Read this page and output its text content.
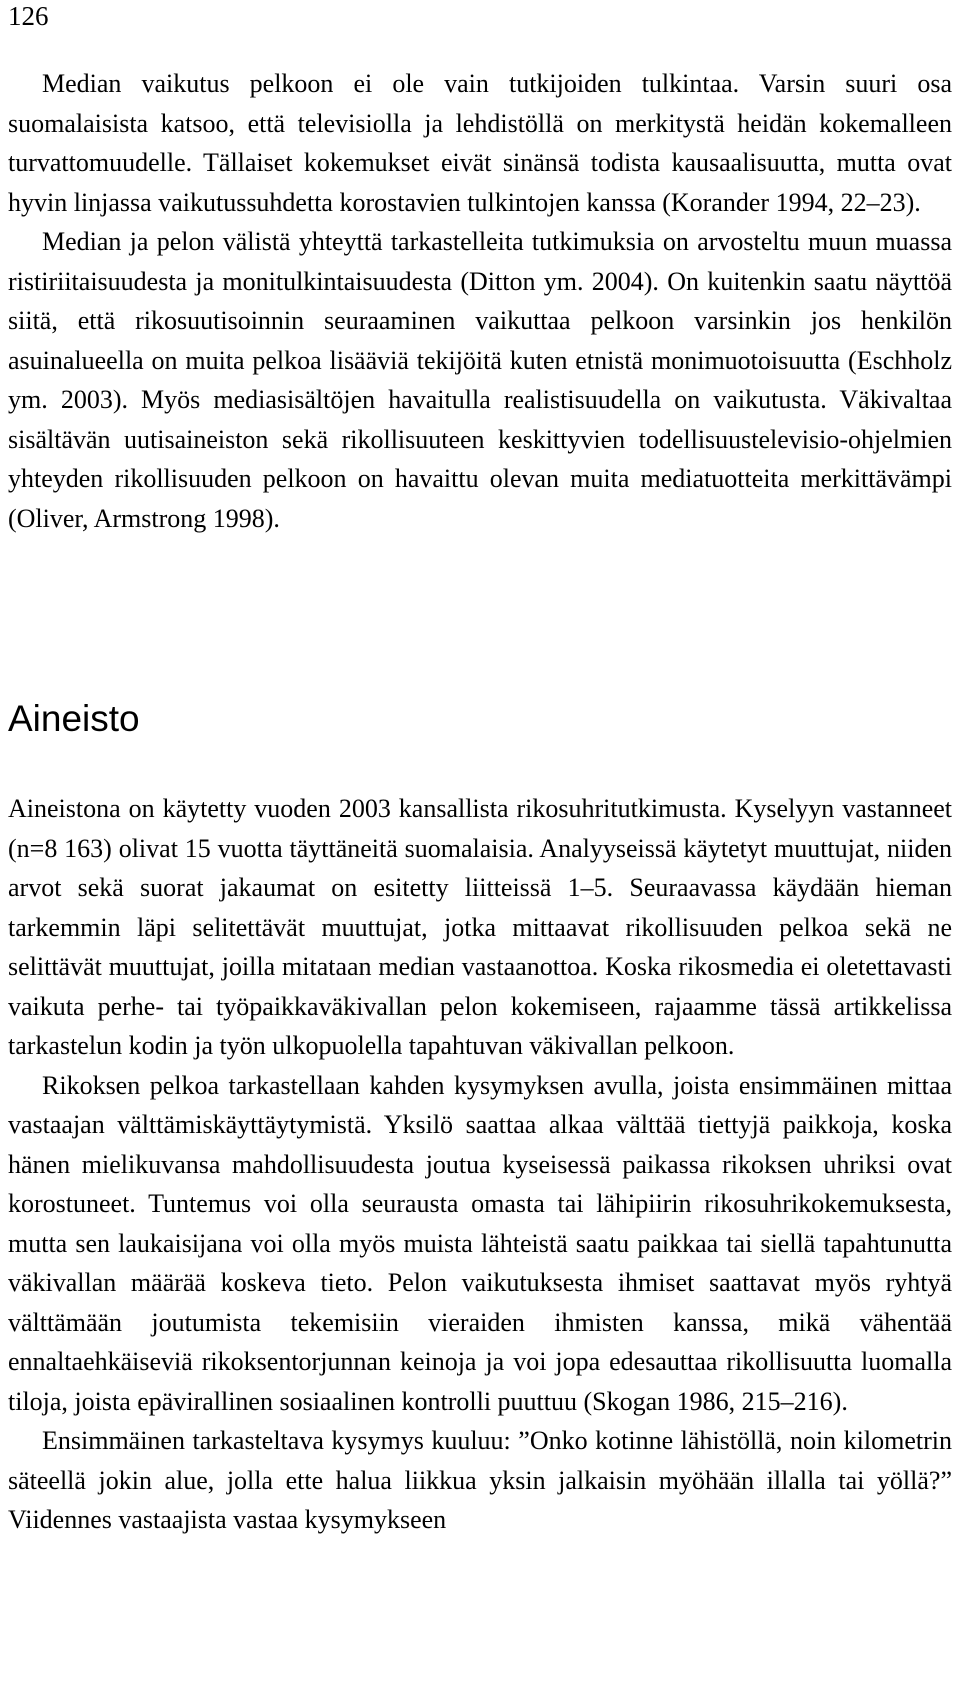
126

Median vaikutus pelkoon ei ole vain tutkijoiden tulkintaa. Varsin suuri osa suomalaisista katsoo, että televisiolla ja lehdistöllä on merkitystä heidän kokemalleen turvattomuudelle. Tällaiset kokemukset eivät sinänsä todista kausaalisuutta, mutta ovat hyvin linjassa vaikutussuhdetta korostavien tulkintojen kanssa (Korander 1994, 22–23).

Median ja pelon välistä yhteyttä tarkastelleita tutkimuksia on arvosteltu muun muassa ristiriitaisuudesta ja monitulkintaisuudesta (Ditton ym. 2004). On kuitenkin saatu näyttöä siitä, että rikosuutisoinnin seuraaminen vaikuttaa pelkoon varsinkin jos henkilön asuinalueella on muita pelkoa lisääviä tekijöitä kuten etnistä monimuotoisuutta (Eschholz ym. 2003). Myös mediasisältöjen havaitulla realistisuudella on vaikutusta. Väkivaltaa sisältävän uutisaineiston sekä rikollisuuteen keskittyvien todellisuustelevisio-ohjelmien yhteyden rikollisuuden pelkoon on havaittu olevan muita mediatuotteita merkittävämpi (Oliver, Armstrong 1998).

Aineisto

Aineistona on käytetty vuoden 2003 kansallista rikosuhritutkimusta. Kyselyyn vastanneet (n=8 163) olivat 15 vuotta täyttäneitä suomalaisia. Analyyseissä käytetyt muuttujat, niiden arvot sekä suorat jakaumat on esitetty liitteissä 1–5. Seuraavassa käydään hieman tarkemmin läpi selitettävät muuttujat, jotka mittaavat rikollisuuden pelkoa sekä ne selittävät muuttujat, joilla mitataan median vastaanottoa. Koska rikosmedia ei oletettavasti vaikuta perhe- tai työpaikkaväkivallan pelon kokemiseen, rajaamme tässä artikkelissa tarkastelun kodin ja työn ulkopuolella tapahtuvan väkivallan pelkoon.

Rikoksen pelkoa tarkastellaan kahden kysymyksen avulla, joista ensimmäinen mittaa vastaajan välttämiskäyttäytymistä. Yksilö saattaa alkaa välttää tiettyjä paikkoja, koska hänen mielikuvansa mahdollisuudesta joutua kyseisessä paikassa rikoksen uhriksi ovat korostuneet. Tuntemus voi olla seurausta omasta tai lähipiirin rikosuhrikokemuksesta, mutta sen laukaisijana voi olla myös muista lähteistä saatu paikkaa tai siellä tapahtunutta väkivallan määrää koskeva tieto. Pelon vaikutuksesta ihmiset saattavat myös ryhtyä välttämään joutumista tekemisiin vieraiden ihmisten kanssa, mikä vähentää ennaltaehkäiseviä rikoksentorjunnan keinoja ja voi jopa edesauttaa rikollisuutta luomalla tiloja, joista epävirallinen sosiaalinen kontrolli puuttuu (Skogan 1986, 215–216).

Ensimmäinen tarkasteltava kysymys kuuluu: ”Onko kotinne lähistöllä, noin kilometrin säteellä jokin alue, jolla ette halua liikkua yksin jalkaisin myöhään illalla tai yöllä?” Viidennes vastaajista vastaa kysymykseen
